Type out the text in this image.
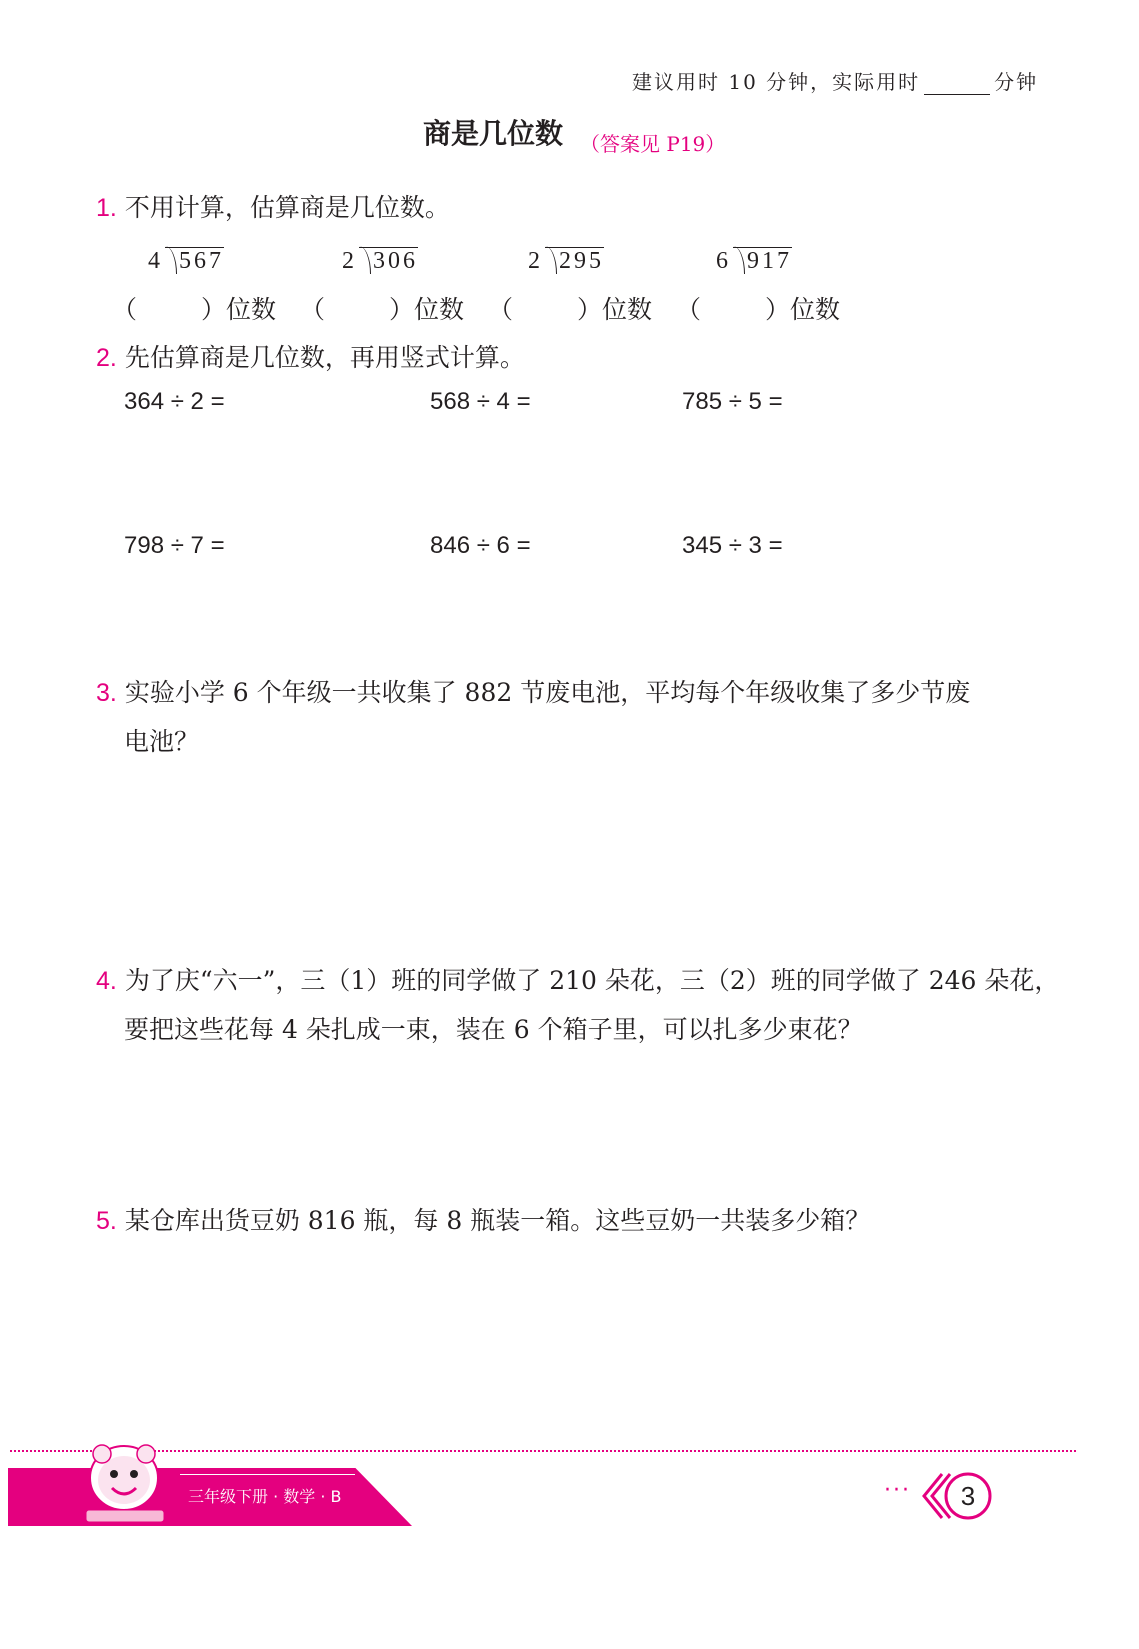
建议用时 10 分钟，实际用时	分钟
商是几位数 （答案见 P19）
1. 不用计算，估算商是几位数。
4 567	2 306	2 295	6 917
（	）位数 （	）位数 （	）位数 （	）位数
2. 先估算商是几位数，再用竖式计算。
364 ÷ 2 =	568 ÷ 4 =	785 ÷ 5 =
798 ÷ 7 =	846 ÷ 6 =	345 ÷ 3 =
3. 实验小学 6 个年级一共收集了 882 节废电池，平均每个年级收集了多少节废
电池？
4. 为了庆“六一”，三（1）班的同学做了 210 朵花，三（2）班的同学做了 246 朵花，
要把这些花每 4 朵扎成一束，装在 6 个箱子里，可以扎多少束花？
5. 某仓库出货豆奶 816 瓶，每 8 瓶装一箱。这些豆奶一共装多少箱？
三年级下册 · 数学 · B	···	3
